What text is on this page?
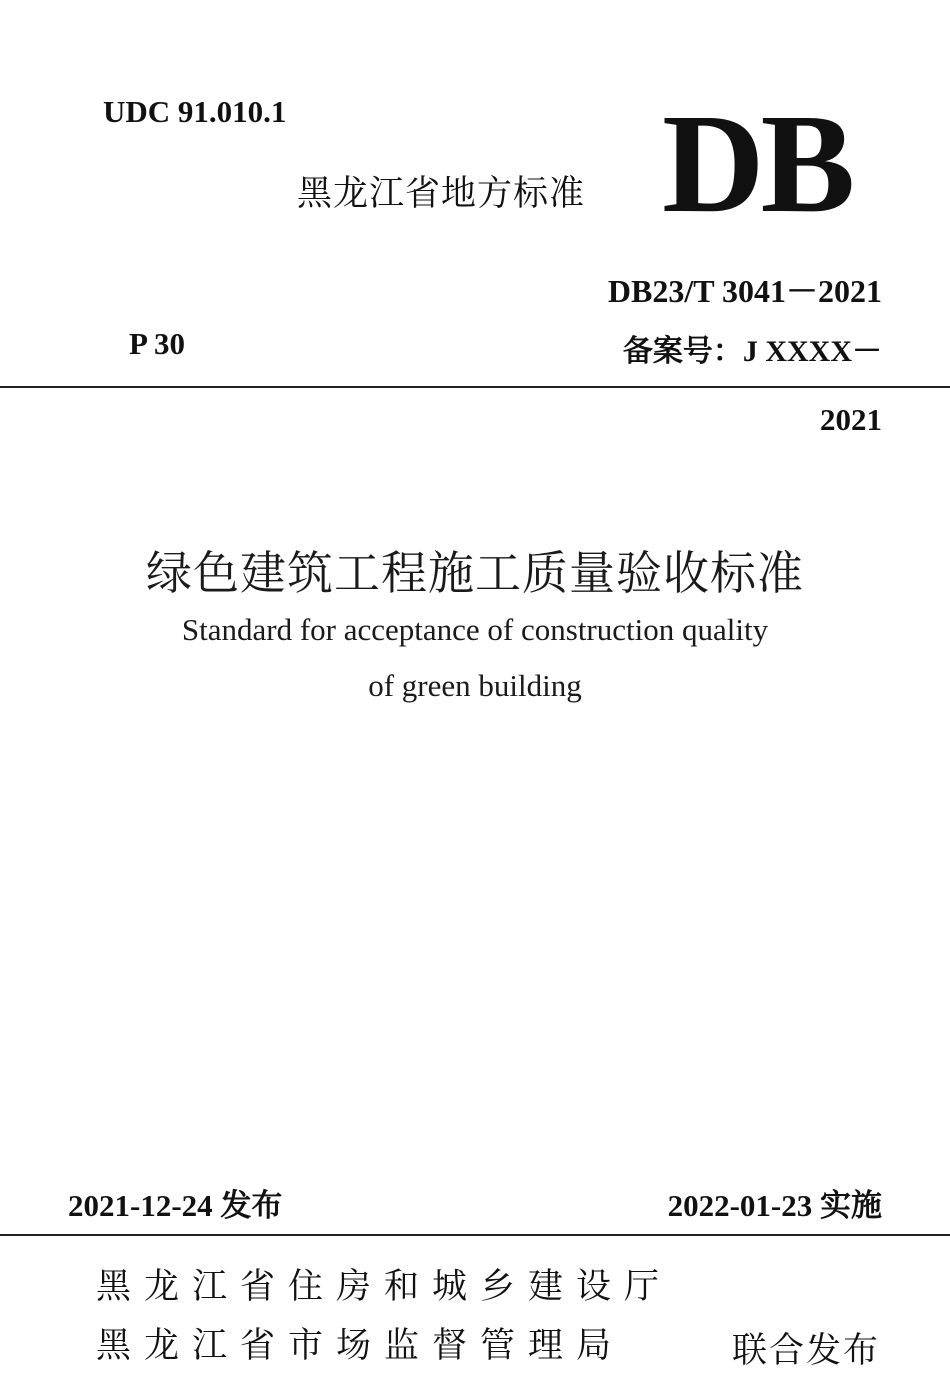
UDC 91.010.1
黑龙江省地方标准 DB
DB23/T 3041－2021
P 30	备案号：J XXXX－
2021
绿色建筑工程施工质量验收标准
Standard for acceptance of construction quality
of green building
2021-12-24 发布	2022-01-23 实施
黑龙江省住房和城乡建设厅
黑龙江省市场监督管理局	联合发布
